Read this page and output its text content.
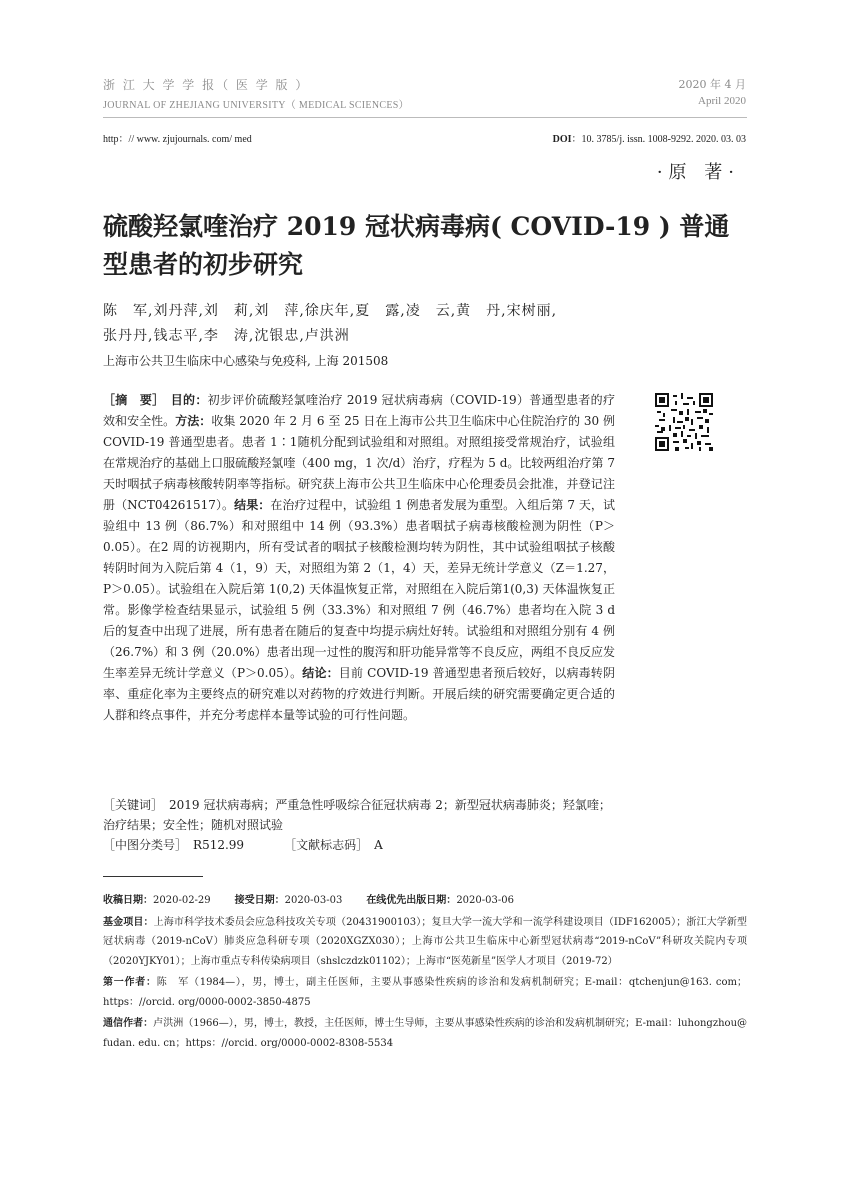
浙 江 大 学 学 报（ 医 学 版 ）
JOURNAL OF ZHEJIANG UNIVERSITY（ MEDICAL SCIENCES）
2020 年 4 月
April 2020
http：// www. zjujournals. com/ med	DOI：10. 3785/j. issn. 1008-9292. 2020. 03. 03
·原 著·
硫酸羟氯喹治疗 2019 冠状病毒病( COVID-19 ) 普通型患者的初步研究
陈　军,刘丹萍,刘　莉,刘　萍,徐庆年,夏　露,凌　云,黄　丹,宋树丽,
张丹丹,钱志平,李　涛,沈银忠,卢洪洲
上海市公共卫生临床中心感染与免疫科, 上海 201508
［摘　要］　 目的：初步评价硫酸羟氯喹治疗 2019 冠状病毒病（COVID-19）普通型患者的疗效和安全性。方法：收集 2020 年 2 月 6 至 25 日在上海市公共卫生临床中心住院治疗的 30 例 COVID-19 普通型患者。患者 1∶1随机分配到试验组和对照组。对照组接受常规治疗，试验组在常规治疗的基础上口服硫酸羟氯喹（400 mg，1 次/d）治疗，疗程为 5 d。比较两组治疗第 7 天时咽拭子病毒核酸转阴率等指标。研究获上海市公共卫生临床中心伦理委员会批准，并登记注册（NCT04261517）。结果：在治疗过程中，试验组 1 例患者发展为重型。入组后第 7 天，试验组中 13 例（86.7%）和对照组中 14 例（93.3%）患者咽拭子病毒核酸检测为阴性（P＞0.05）。在2 周的访视期内，所有受试者的咽拭子核酸检测均转为阴性，其中试验组咽拭子核酸转阴时间为入院后第 4（1，9）天，对照组为第 2（1，4）天，差异无统计学意义（Z＝1.27，P＞0.05）。试验组在入院后第 1(0,2) 天体温恢复正常，对照组在入院后第1(0,3) 天体温恢复正常。影像学检查结果显示，试验组 5 例（33.3%）和对照组 7 例（46.7%）患者均在入院 3 d 后的复查中出现了进展，所有患者在随后的复查中均提示病灶好转。试验组和对照组分别有 4 例（26.7%）和 3 例（20.0%）患者出现一过性的腹泻和肝功能异常等不良反应，两组不良反应发生率差异无统计学意义（P＞0.05）。结论：目前 COVID-19 普通型患者预后较好，以病毒转阴率、重症化率为主要终点的研究难以对药物的疗效进行判断。开展后续的研究需要确定更合适的人群和终点事件，并充分考虑样本量等试验的可行性问题。
［关键词］　 2019 冠状病毒病；严重急性呼吸综合征冠状病毒 2；新型冠状病毒肺炎；羟氯喹；治疗结果；安全性；随机对照试验
［中图分类号］　 R512.99	［文献标志码］　 A

收稿日期：2020-02-29 接受日期：2020-03-03 在线优先出版日期：2020-03-06

基金项目：上海市科学技术委员会应急科技攻关专项（20431900103）；复旦大学一流大学和一流学科建设项目（IDF162005）；浙江大学新型冠状病毒（2019-nCoV）肺炎应急科研专项（2020XGZX030）；上海市公共卫生临床中心新型冠状病毒“2019-nCoV”科研攻关院内专项（2020YJKY01）；上海市重点专科传染病项目（shslczdzk01102）；上海市“医苑新星”医学人才项目（2019-72）

第一作者：陈　军（1984—），男，博士，副主任医师，主要从事感染性疾病的诊治和发病机制研究；E-mail：qtchenjun@163. com；https：//orcid. org/0000-0002-3850-4875

通信作者：卢洪洲（1966—），男，博士，教授，主任医师，博士生导师，主要从事感染性疾病的诊治和发病机制研究；E-mail：luhongzhou@ fudan. edu. cn；https：//orcid. org/0000-0002-8308-5534
